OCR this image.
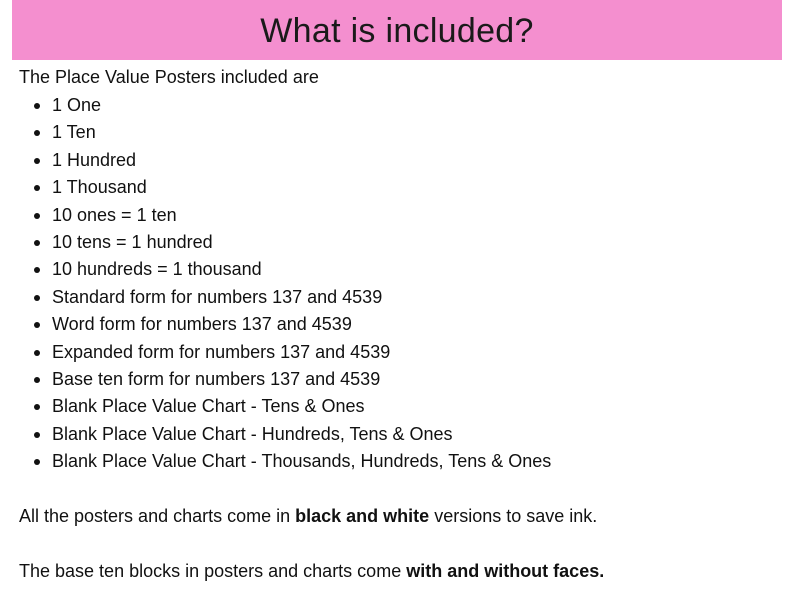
What is included?

The Place Value Posters included are

1 One
1 Ten
1 Hundred
1 Thousand
10 ones = 1 ten
10 tens = 1 hundred
10 hundreds = 1 thousand
Standard form for numbers 137 and 4539
Word form for numbers 137 and 4539
Expanded form for numbers 137 and 4539
Base ten form for numbers 137 and 4539
Blank Place Value Chart - Tens & Ones
Blank Place Value Chart - Hundreds, Tens & Ones
Blank Place Value Chart - Thousands, Hundreds, Tens & Ones

All the posters and charts come in black and white versions to save ink.

The base ten blocks in posters and charts come with and without faces.
